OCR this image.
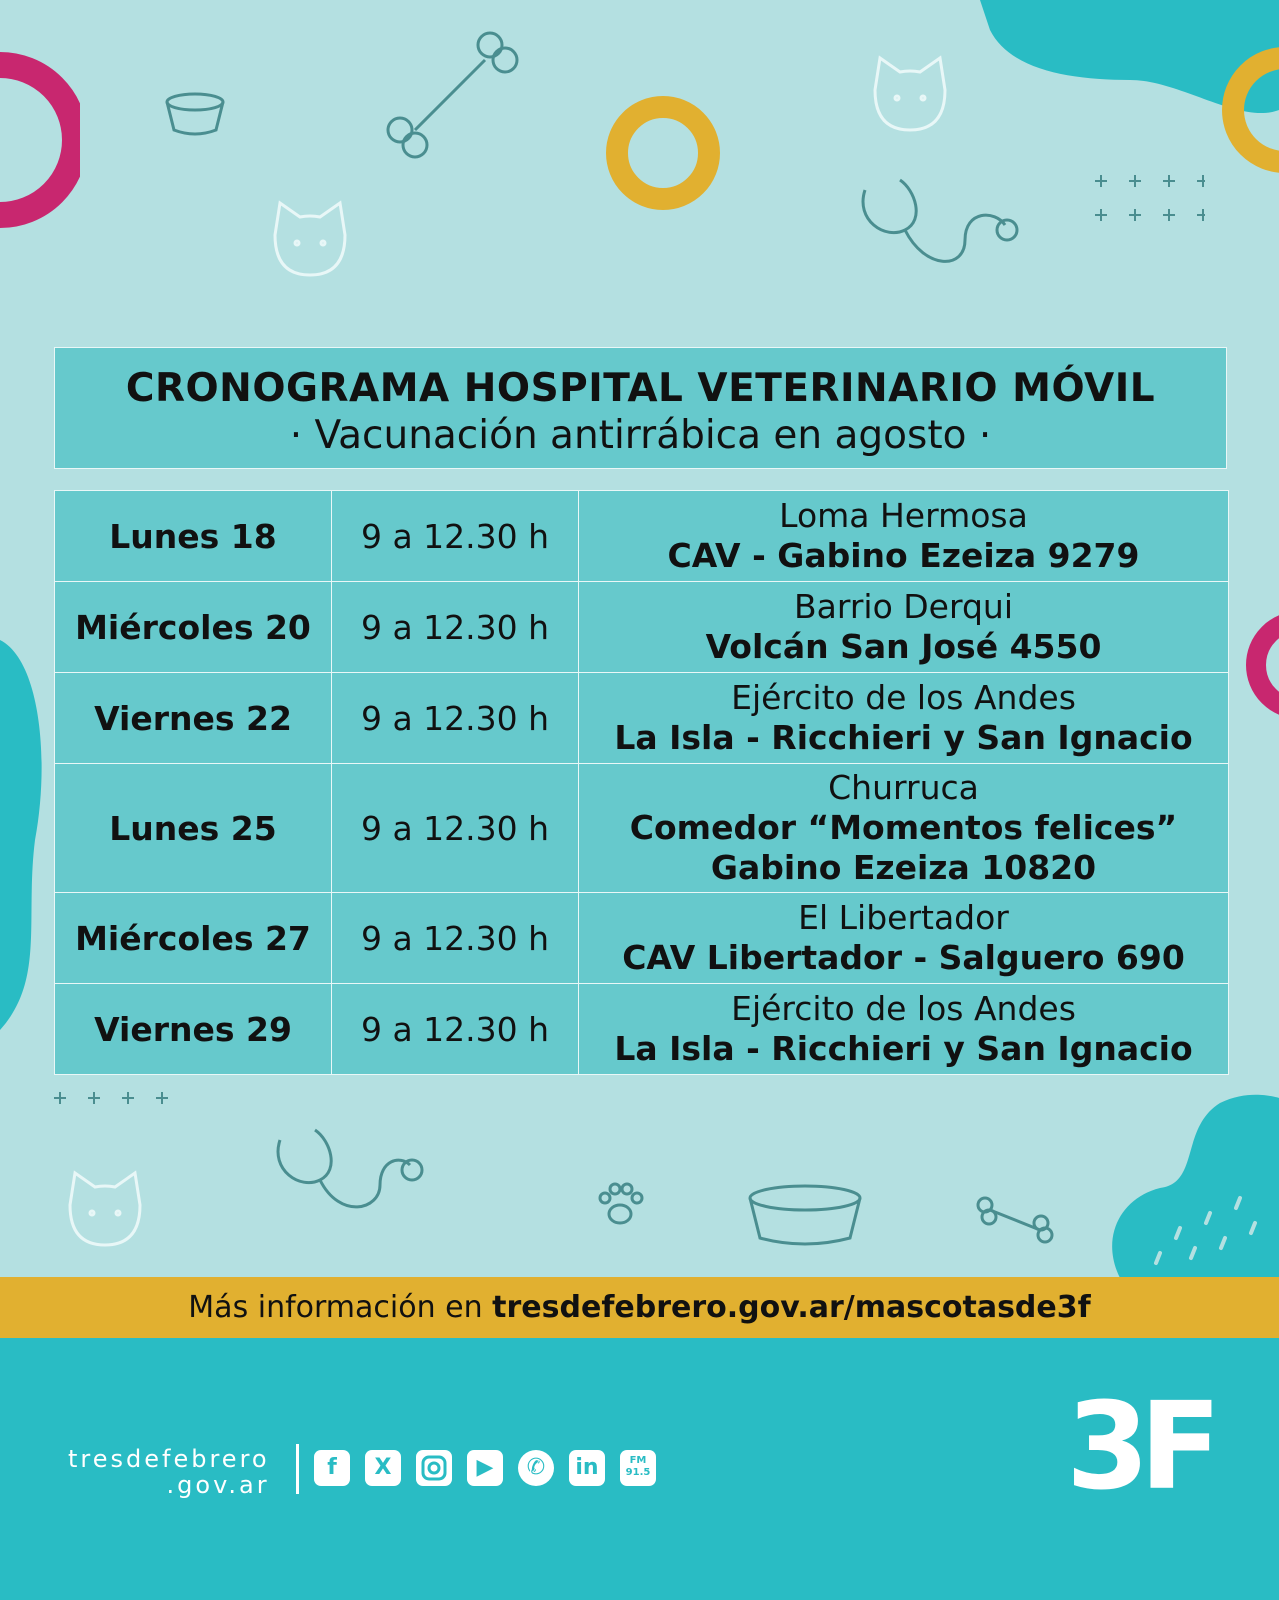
CRONOGRAMA HOSPITAL VETERINARIO MÓVIL
· Vacunación antirrábica en agosto ·
Lunes 18	9 a 12.30 h	Loma Hermosa
CAV - Gabino Ezeiza 9279

Miércoles 20	9 a 12.30 h	Barrio Derqui
Volcán San José 4550

Viernes 22	9 a 12.30 h	Ejército de los Andes
La Isla - Ricchieri y San Ignacio

Lunes 25	9 a 12.30 h	Churruca
Comedor “Momentos felices”
Gabino Ezeiza 10820

Miércoles 27	9 a 12.30 h	El Libertador
CAV Libertador - Salguero 690

Viernes 29	9 a 12.30 h	Ejército de los Andes
La Isla - Ricchieri y San Ignacio
Más información en tresdefebrero.gov.ar/mascotasde3f
tresdefebrero
.gov.ar
f	X	▶	✆	in	FM
91.5	3F
